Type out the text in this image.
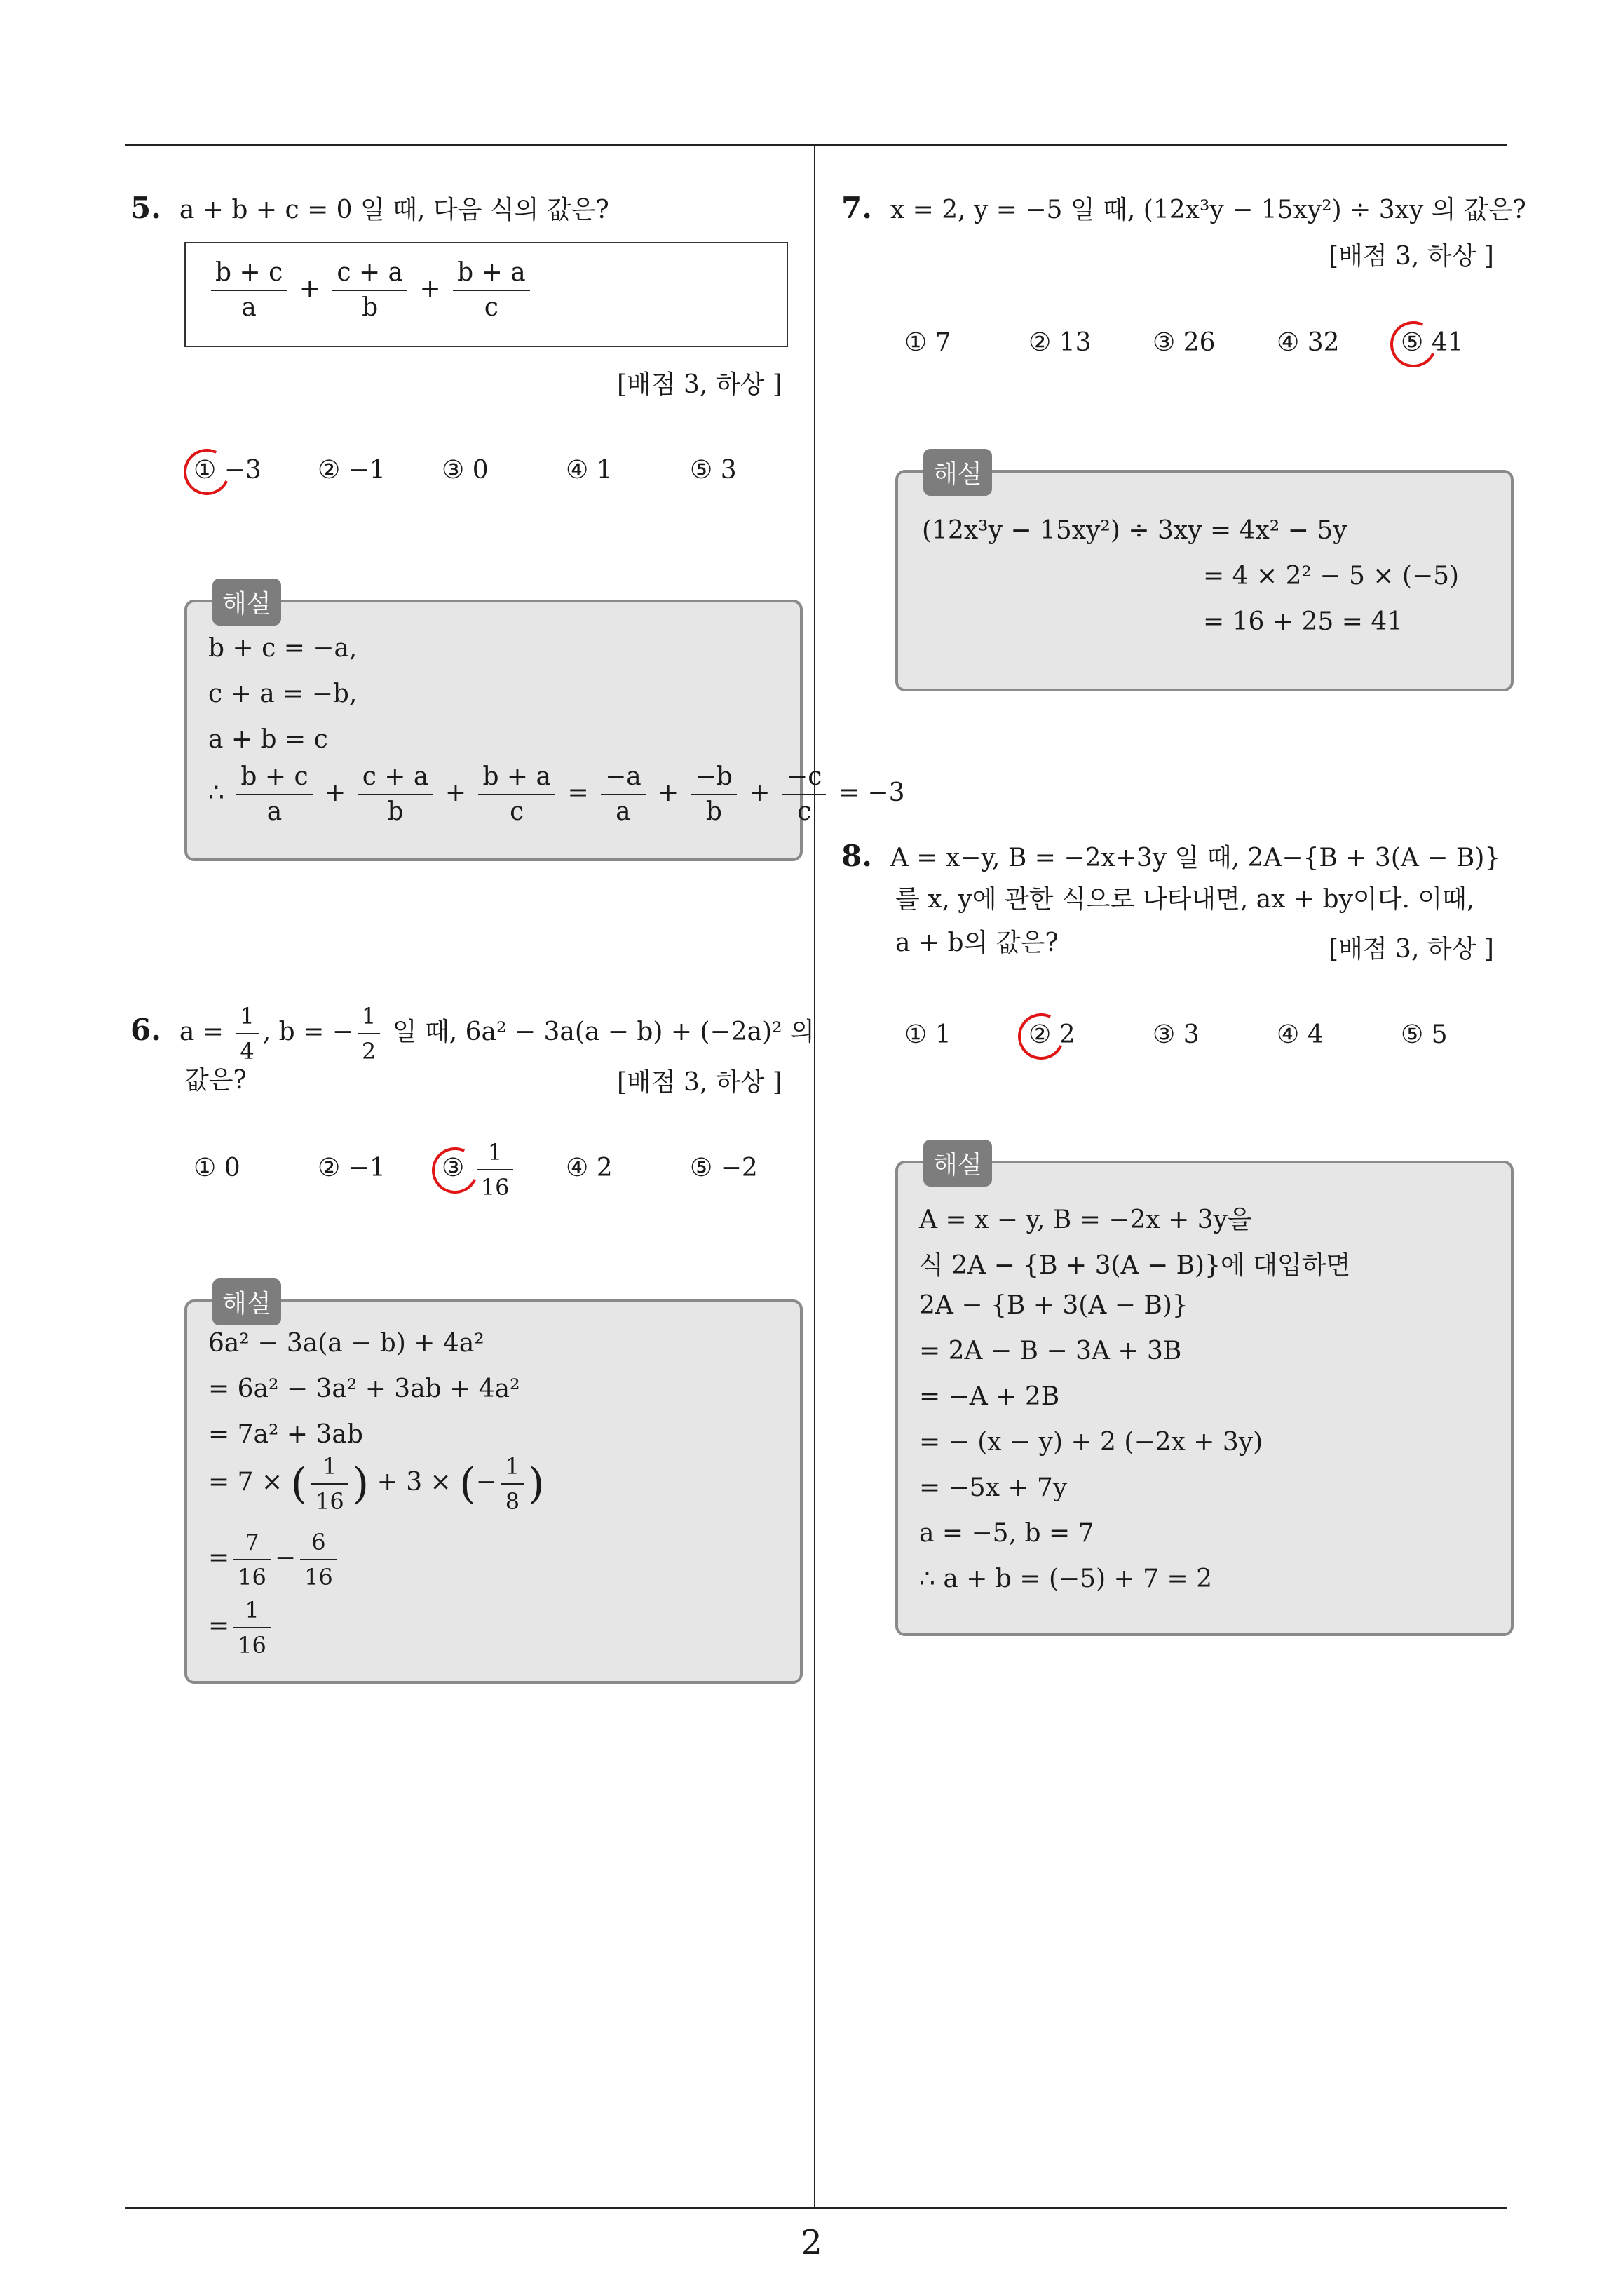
5. a + b + c = 0 일 때, 다음 식의 값은?
$\frac{b + c}{a} + \frac{c + a}{b} + \frac{b + a}{c}$
[배점 3, 하상 ]
① −3 ② −1 ③ 0	④ 1	⑤ 3
해설
b + c = −a,
c + a = −b,
a + b = c
∴ $\frac{b + c}{a} + \frac{c + a}{b} + \frac{b + a}{c} = \frac{-a}{a} + \frac{-b}{b} + \frac{-c}{c} = -3$
6. $a = \frac{1}{4}$ , b = − $\frac{1}{2}$ 일 때, 6a² − 3a(a − b) + (−2a)² 의
값은?	[배점 3, 하상 ]
① 0	② −1 ③ $\frac{1}{16}$ ④ 2	⑤ −2
해설
6a² − 3a(a − b) + 4a²
= 6a² − 3a² + 3ab + 4a²
= 7a² + 3ab
= 7 × ( $\frac{1}{16}$ ) + 3 × (− $\frac{1}{8}$ )
= $\frac{7}{16} - \frac{6}{16}$
= $\frac{1}{16}$
7. x = 2, y = −5 일 때, (12x³y − 15xy²) ÷ 3xy 의 값은?
[배점 3, 하상 ]
① 7	② 13 ③ 26 ④ 32 ⑤ 41
해설
(12x³y − 15xy²) ÷ 3xy = 4x² − 5y
= 4 × 2² − 5 × (−5)
= 16 + 25 = 41
8. A = x−y, B = −2x+3y 일 때, 2A−{B + 3(A − B)}
를 x, y에 관한 식으로 나타내면, ax + by이다. 이때,
a + b의 값은?	[배점 3, 하상 ]
① 1	② 2	③ 3	④ 4	⑤ 5
해설
A = x − y, B = −2x + 3y을
식 2A − {B + 3(A − B)}에 대입하면
2A − {B + 3(A − B)}
= 2A − B − 3A + 3B
= −A + 2B
= − (x − y) + 2 (−2x + 3y)
= −5x + 7y
a = −5, b = 7
∴ a + b = (−5) + 7 = 2
2
